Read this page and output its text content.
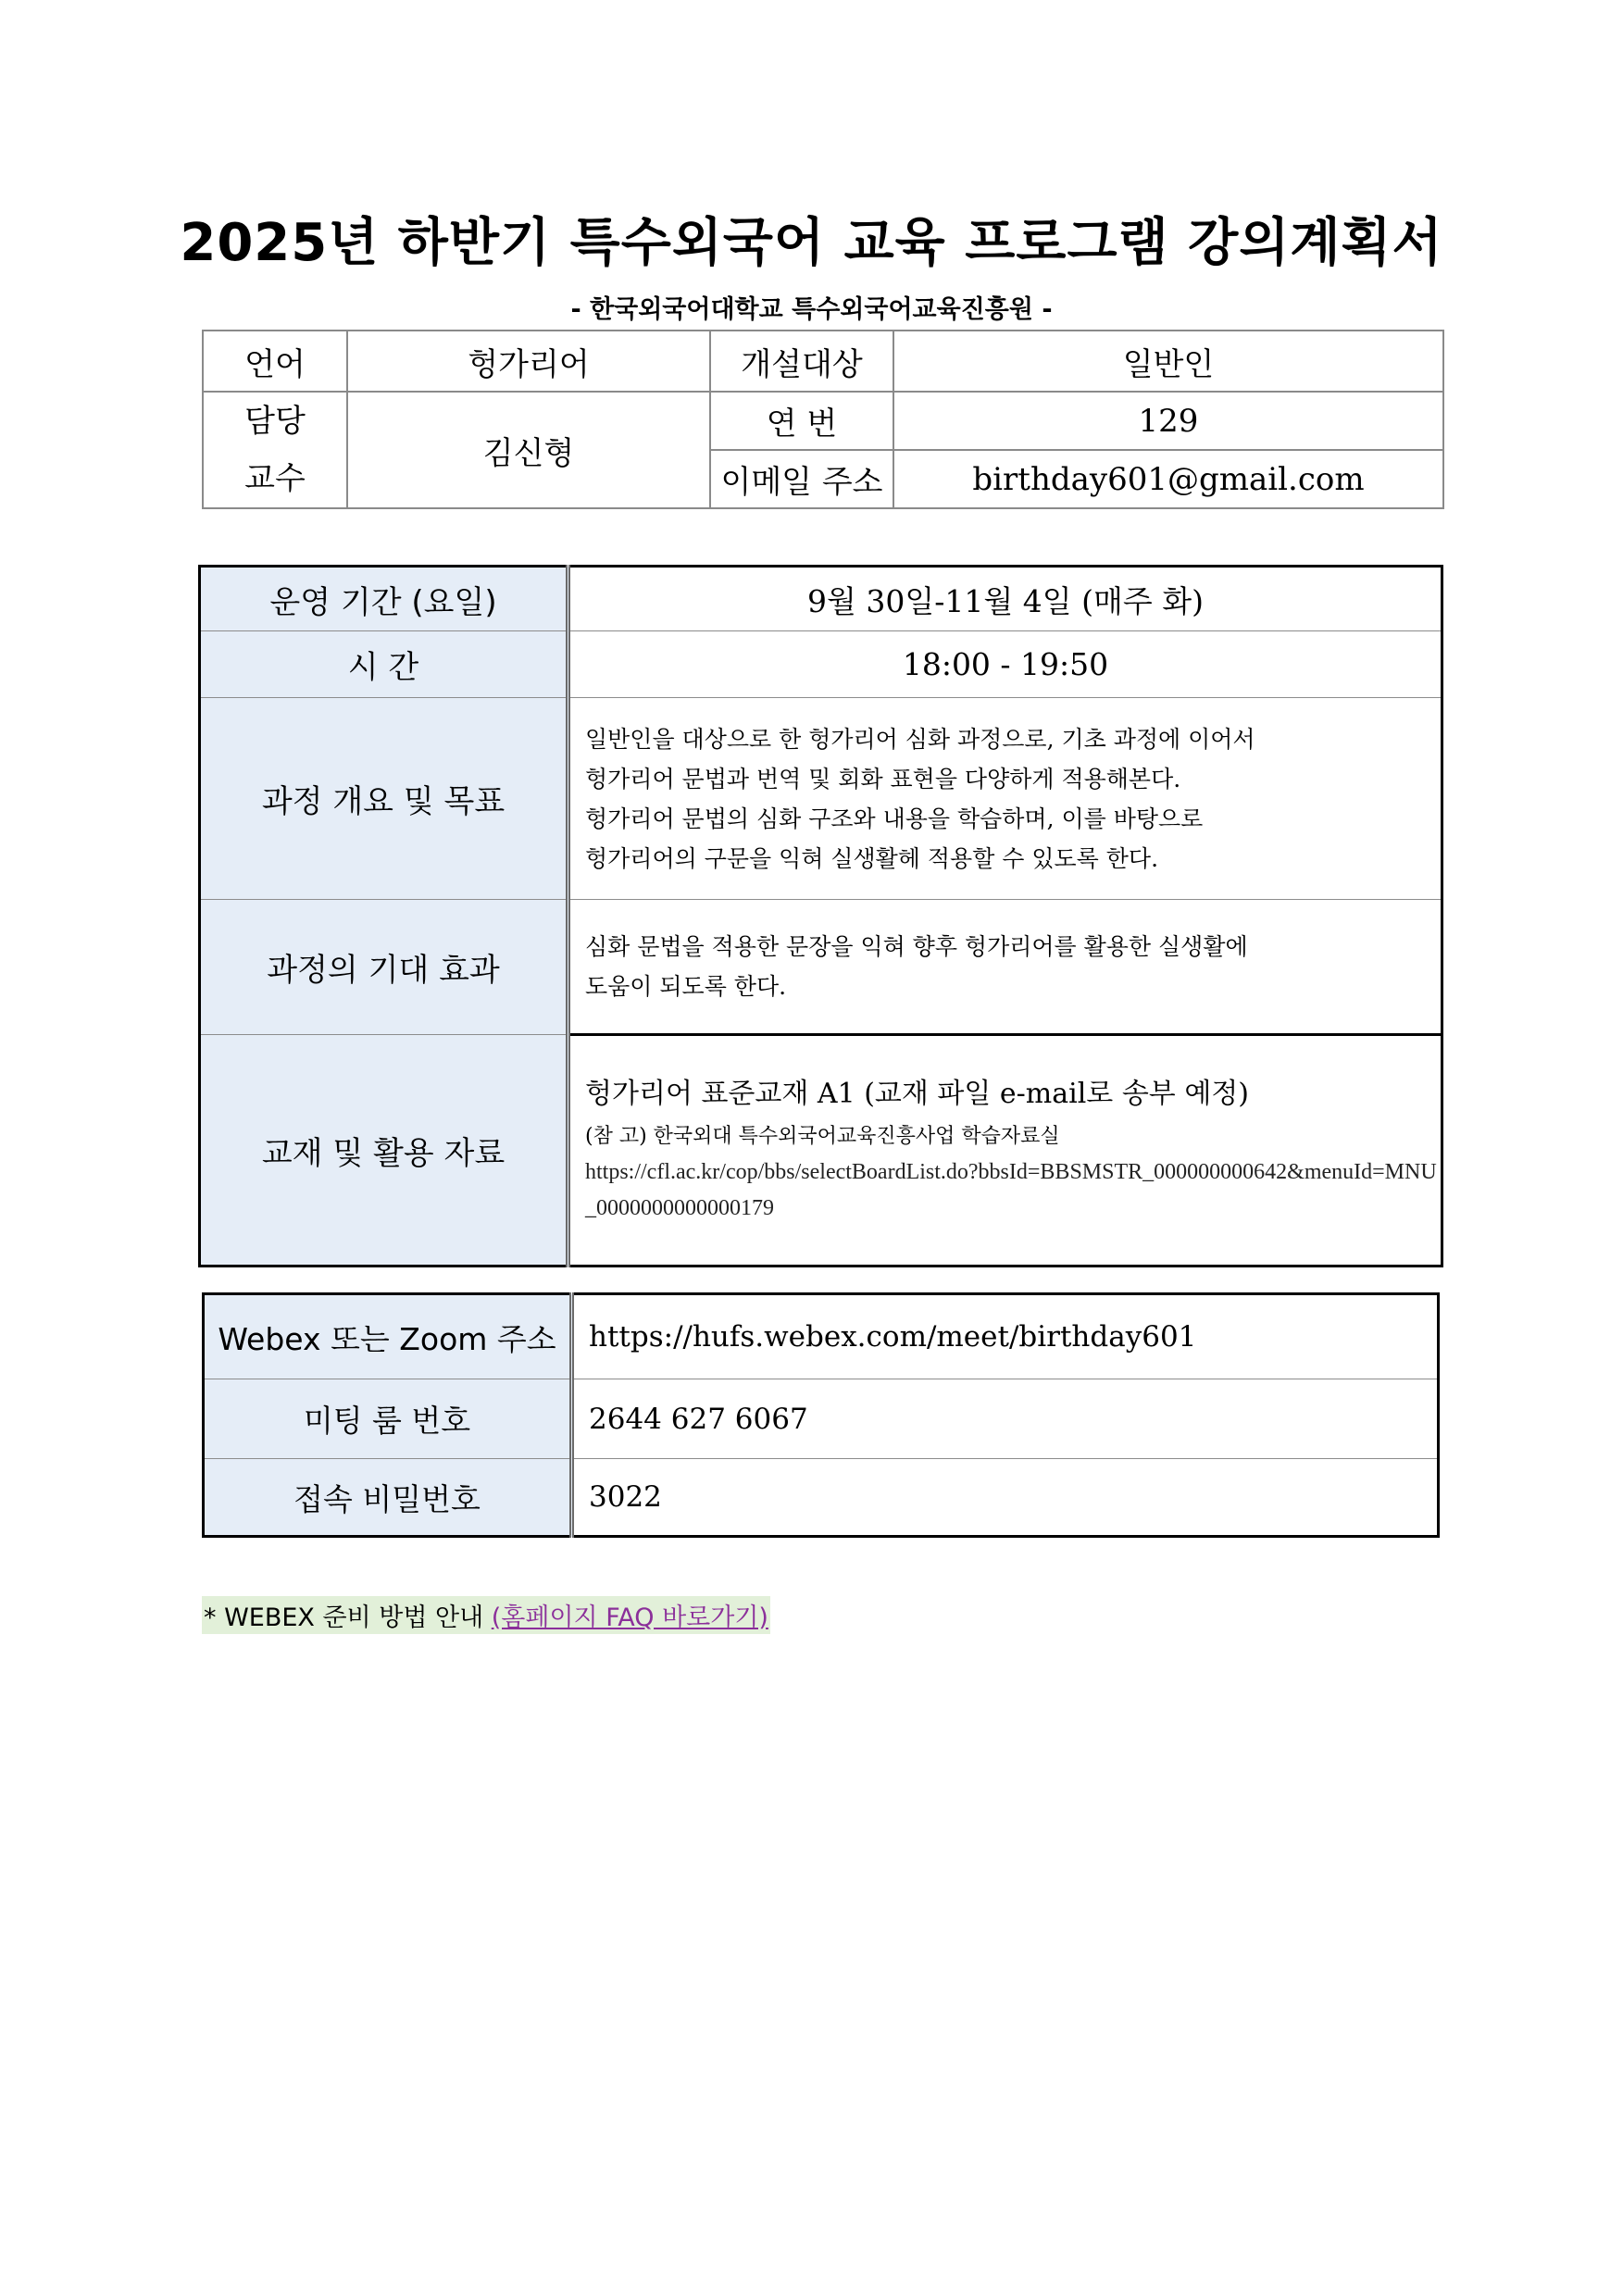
2025년 하반기 특수외국어 교육 프로그램 강의계획서
- 한국외국어대학교 특수외국어교육진흥원 -
언어	헝가리어	개설대상	일반인

담당
교수	김신형	연 번	129
		이메일 주소	birthday601@gmail.com
운영 기간 (요일)	9월 30일-11월 4일 (매주 화)
시 간	18:00 - 19:50
과정 개요 및 목표	일반인을 대상으로 한 헝가리어 심화 과정으로, 기초 과정에 이어서
헝가리어 문법과 번역 및 회화 표현을 다양하게 적용해본다.
헝가리어 문법의 심화 구조와 내용을 학습하며, 이를 바탕으로
헝가리어의 구문을 익혀 실생활헤 적용할 수 있도록 한다.

과정의 기대 효과	심화 문법을 적용한 문장을 익혀 향후 헝가리어를 활용한 실생활에
도움이 되도록 한다.

교재 및 활용 자료	헝가리어 표준교재 A1 (교재 파일 e-mail로 송부 예정)
(참 고) 한국외대 특수외국어교육진흥사업 학습자료실
https://cfl.ac.kr/cop/bbs/selectBoardList.do?bbsId=BBSMSTR_000000000642&menuId=MNU_0000000000000179
Webex 또는 Zoom 주소	https://hufs.webex.com/meet/birthday601
미팅 룸 번호	2644 627 6067
접속 비밀번호	3022
* WEBEX 준비 방법 안내 (홈페이지 FAQ 바로가기)
